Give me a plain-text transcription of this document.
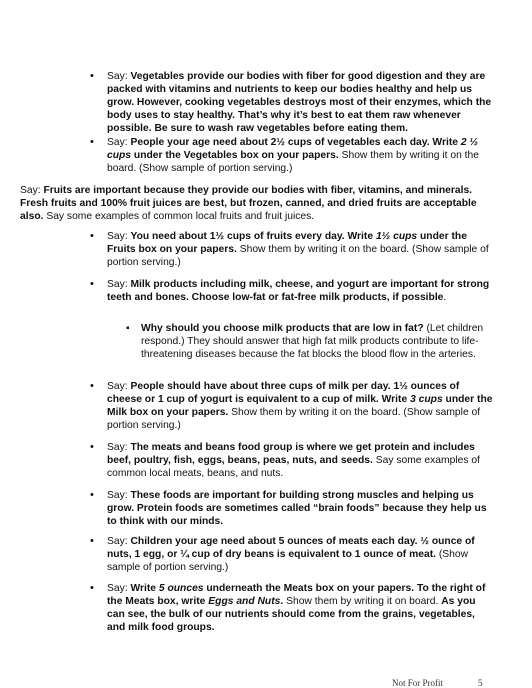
• Say: Vegetables provide our bodies with fiber for good digestion and they are packed with vitamins and nutrients to keep our bodies healthy and help us grow. However, cooking vegetables destroys most of their enzymes, which the body uses to stay healthy. That’s why it’s best to eat them raw whenever possible. Be sure to wash raw vegetables before eating them.
• Say: People your age need about 2½ cups of vegetables each day. Write 2 ½ cups under the Vegetables box on your papers. Show them by writing it on the board. (Show sample of portion serving.)
Say: Fruits are important because they provide our bodies with fiber, vitamins, and minerals. Fresh fruits and 100% fruit juices are best, but frozen, canned, and dried fruits are acceptable also. Say some examples of common local fruits and fruit juices.
• Say: You need about 1½ cups of fruits every day. Write 1½ cups under the Fruits box on your papers. Show them by writing it on the board. (Show sample of portion serving.)
• Say: Milk products including milk, cheese, and yogurt are important for strong teeth and bones. Choose low-fat or fat-free milk products, if possible.
▪ Why should you choose milk products that are low in fat? (Let children respond.) They should answer that high fat milk products contribute to life-threatening diseases because the fat blocks the blood flow in the arteries.
• Say: People should have about three cups of milk per day. 1½ ounces of cheese or 1 cup of yogurt is equivalent to a cup of milk. Write 3 cups under the Milk box on your papers. Show them by writing it on the board. (Show sample of portion serving.)
• Say: The meats and beans food group is where we get protein and includes beef, poultry, fish, eggs, beans, peas, nuts, and seeds. Say some examples of common local meats, beans, and nuts.
• Say: These foods are important for building strong muscles and helping us grow. Protein foods are sometimes called “brain foods” because they help us to think with our minds.
• Say: Children your age need about 5 ounces of meats each day. ½ ounce of nuts, 1 egg, or ¼ cup of dry beans is equivalent to 1 ounce of meat. (Show sample of portion serving.)
• Say: Write 5 ounces underneath the Meats box on your papers. To the right of the Meats box, write Eggs and Nuts. Show them by writing it on board. As you can see, the bulk of our nutrients should come from the grains, vegetables, and milk food groups.
Not For Profit	5
